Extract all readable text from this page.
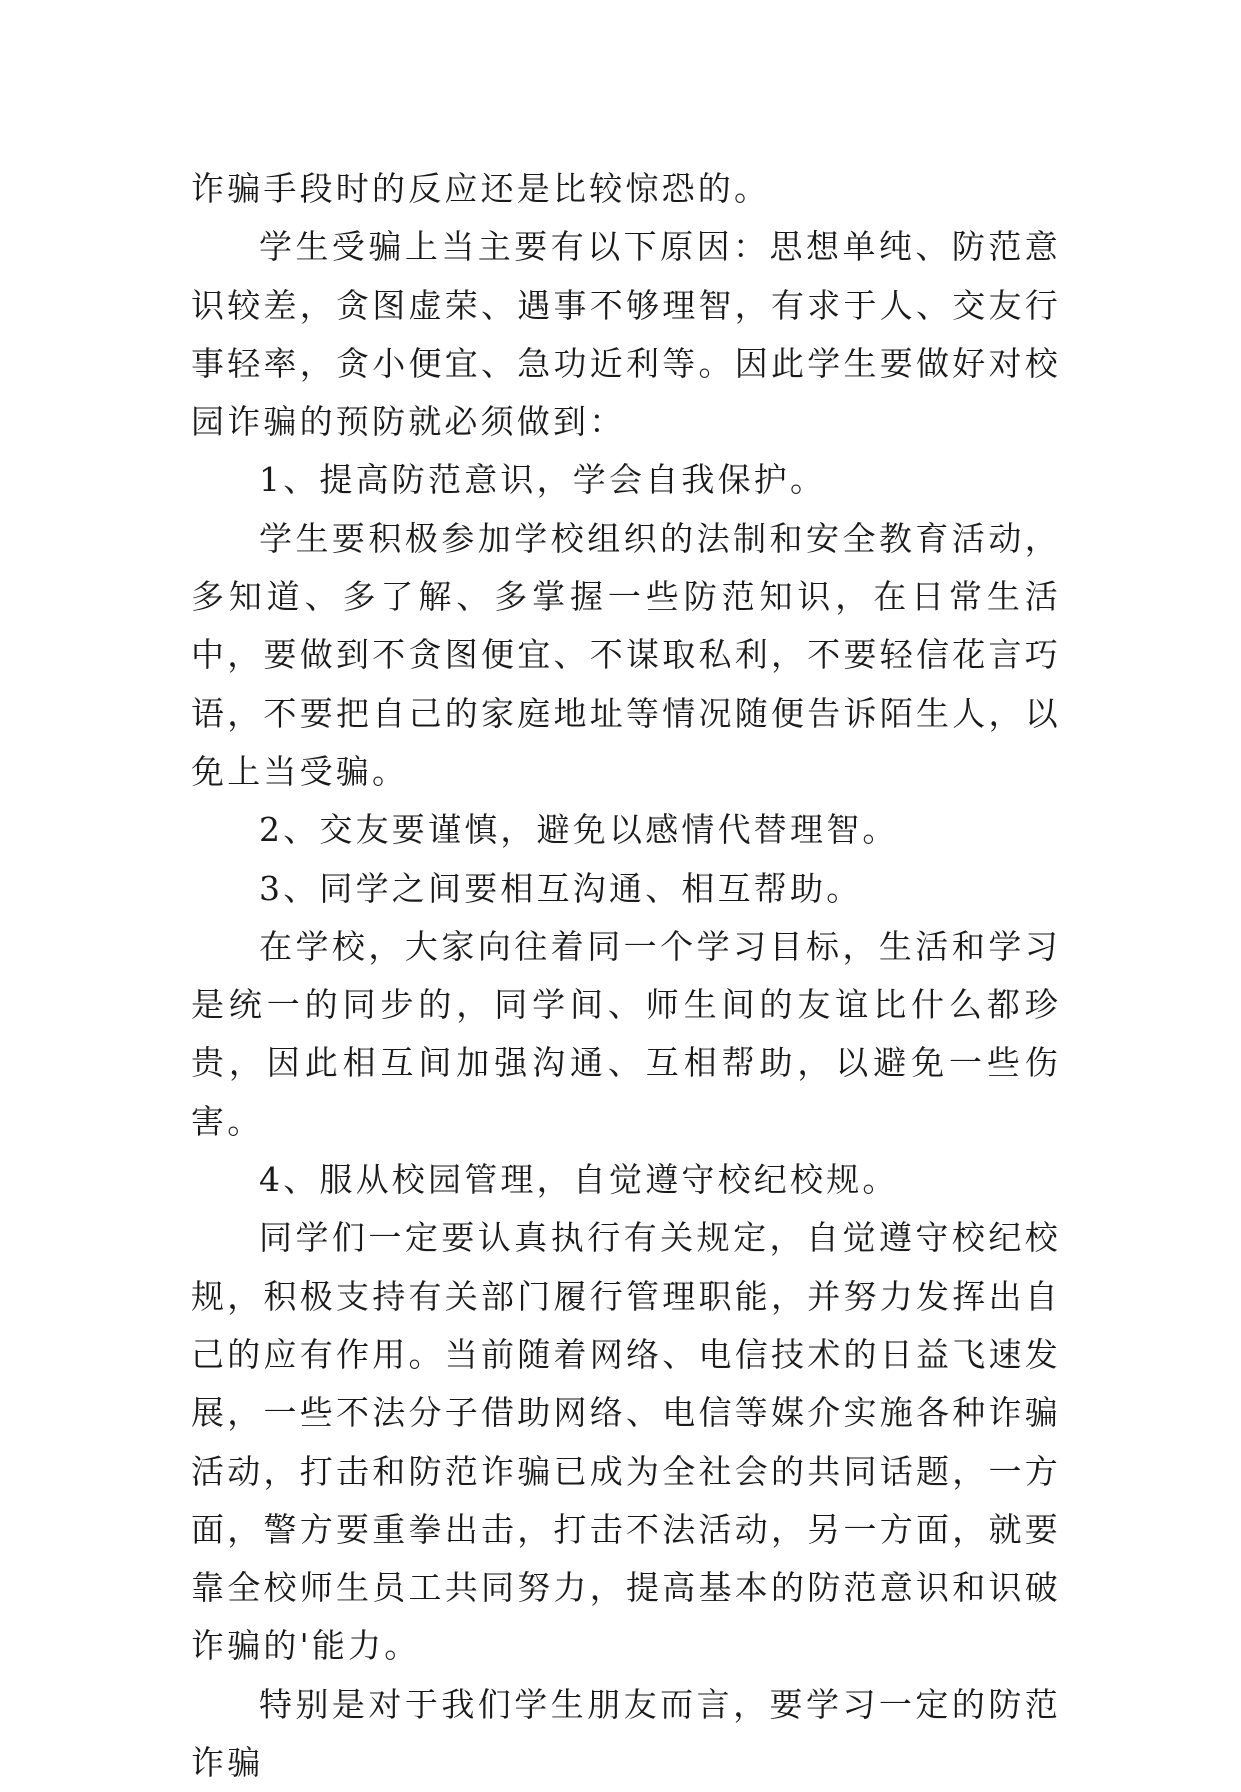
诈骗手段时的反应还是比较惊恐的。

学生受骗上当主要有以下原因：思想单纯、防范意识较差，贪图虚荣、遇事不够理智，有求于人、交友行事轻率，贪小便宜、急功近利等。因此学生要做好对校园诈骗的预防就必须做到：

1、提高防范意识，学会自我保护。

学生要积极参加学校组织的法制和安全教育活动，多知道、多了解、多掌握一些防范知识，在日常生活中，要做到不贪图便宜、不谋取私利，不要轻信花言巧语，不要把自己的家庭地址等情况随便告诉陌生人，以免上当受骗。

2、交友要谨慎，避免以感情代替理智。

3、同学之间要相互沟通、相互帮助。

在学校，大家向往着同一个学习目标，生活和学习是统一的同步的，同学间、师生间的友谊比什么都珍贵，因此相互间加强沟通、互相帮助，以避免一些伤害。

4、服从校园管理，自觉遵守校纪校规。

同学们一定要认真执行有关规定，自觉遵守校纪校规，积极支持有关部门履行管理职能，并努力发挥出自己的应有作用。当前随着网络、电信技术的日益飞速发展，一些不法分子借助网络、电信等媒介实施各种诈骗活动，打击和防范诈骗已成为全社会的共同话题，一方面，警方要重拳出击，打击不法活动，另一方面，就要靠全校师生员工共同努力，提高基本的防范意识和识破诈骗的'能力。

特别是对于我们学生朋友而言，要学习一定的防范诈骗
